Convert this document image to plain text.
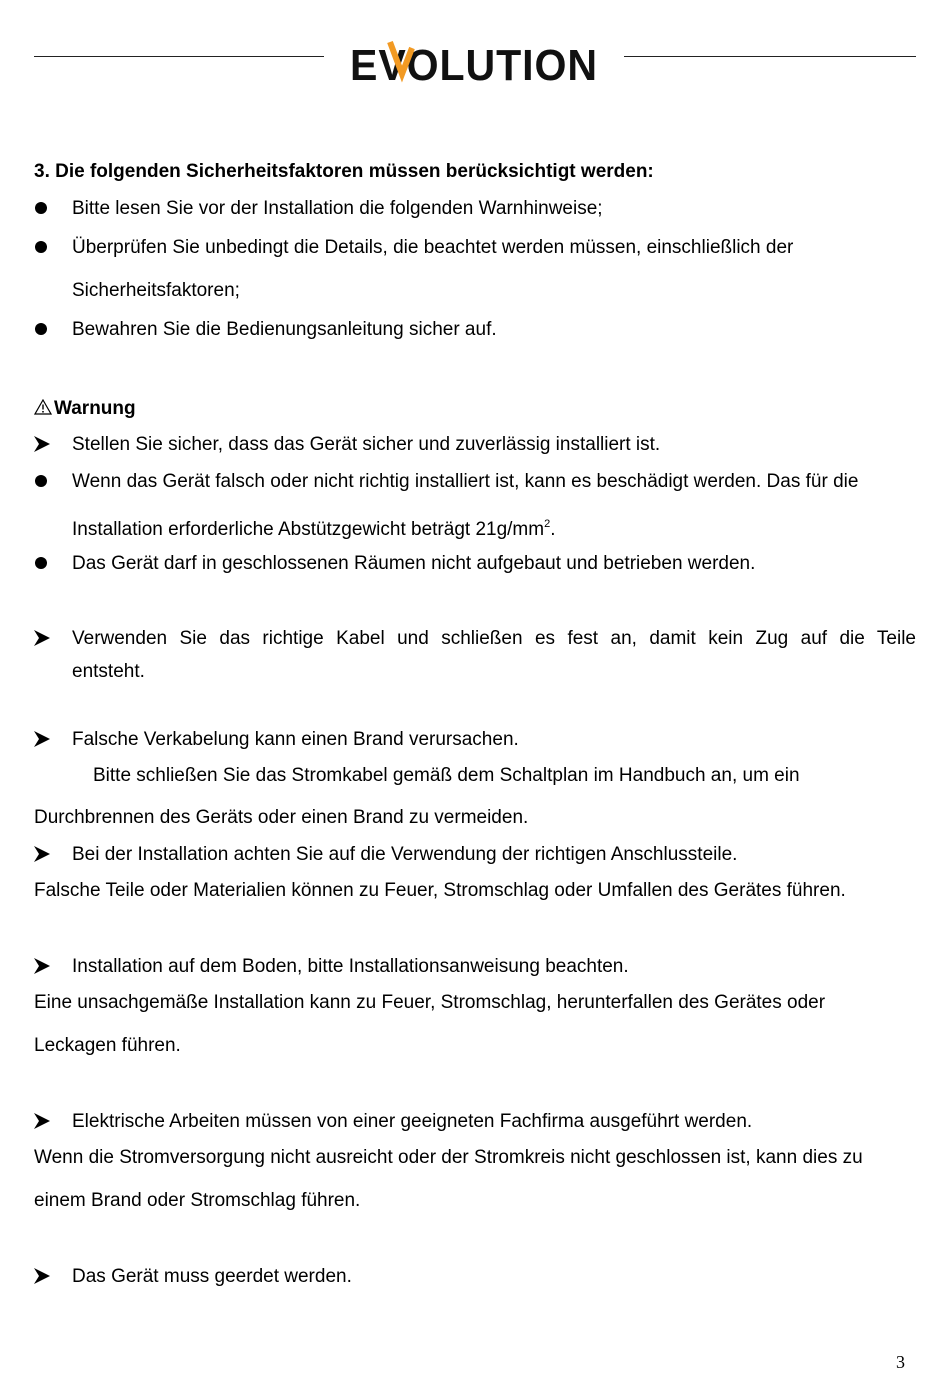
EVOLUTION
3. Die folgenden Sicherheitsfaktoren müssen berücksichtigt werden:
Bitte lesen Sie vor der Installation die folgenden Warnhinweise;
Überprüfen Sie unbedingt die Details, die beachtet werden müssen, einschließlich der
Sicherheitsfaktoren;
Bewahren Sie die Bedienungsanleitung sicher auf.
Warnung
Stellen Sie sicher, dass das Gerät sicher und zuverlässig installiert ist.
Wenn das Gerät falsch oder nicht richtig installiert ist, kann es beschädigt werden. Das für die
Installation erforderliche Abstützgewicht beträgt $21g/mm^2$.
Das Gerät darf in geschlossenen Räumen nicht aufgebaut und betrieben werden.
Verwenden Sie das richtige Kabel und schließen es fest an, damit kein Zug auf die Teile
entsteht.
Falsche Verkabelung kann einen Brand verursachen.
Bitte schließen Sie das Stromkabel gemäß dem Schaltplan im Handbuch an, um ein
Durchbrennen des Geräts oder einen Brand zu vermeiden.
Bei der Installation achten Sie auf die Verwendung der richtigen Anschlussteile.
Falsche Teile oder Materialien können zu Feuer, Stromschlag oder Umfallen des Gerätes führen.
Installation auf dem Boden, bitte Installationsanweisung beachten.
Eine unsachgemäße Installation kann zu Feuer, Stromschlag, herunterfallen des Gerätes oder
Leckagen führen.
Elektrische Arbeiten müssen von einer geeigneten Fachfirma ausgeführt werden.
Wenn die Stromversorgung nicht ausreicht oder der Stromkreis nicht geschlossen ist, kann dies zu
einem Brand oder Stromschlag führen.
Das Gerät muss geerdet werden.
3
